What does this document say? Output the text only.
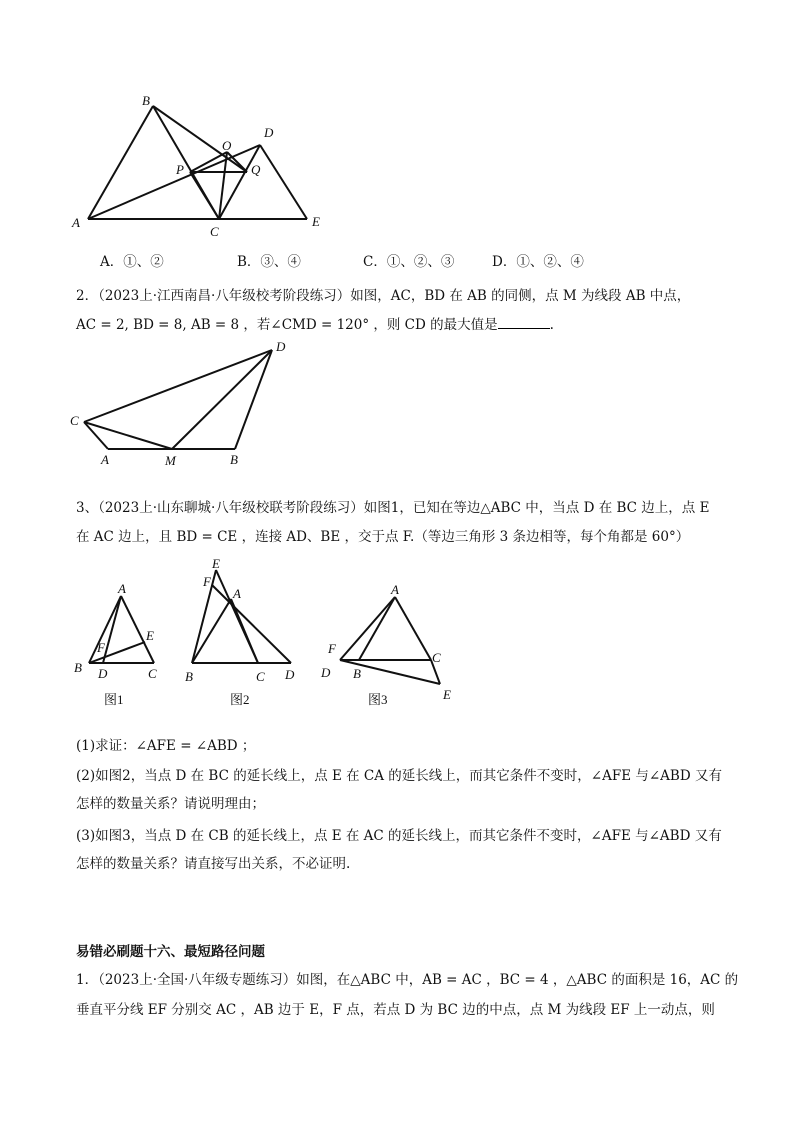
B
O
D
P	Q
A
C
E
A．①、②	B．③、④	C．①、②、③	D．①、②、④
2．（2023上·江西南昌·八年级校考阶段练习）如图，AC，BD 在 AB 的同侧，点 M 为线段 AB 中点，
AC = 2, BD = 8, AB = 8 ，若∠CMD = 120° ，则 CD 的最大值是	.
D
C
A	M	B
3、（2023上·山东聊城·八年级校联考阶段练习）如图1，已知在等边△ABC 中，当点 D 在 BC 边上，点 E
在 AC 边上，且 BD = CE ，连接 AD、BE ，交于点 F.（等边三角形 3 条边相等，每个角都是 60°）
A
E
F
B D	C
E
F
A
B	C D
A
F
C
D B
E
图1	图2	图3
(1)求证：∠AFE = ∠ABD ；
(2)如图2，当点 D 在 BC 的延长线上，点 E 在 CA 的延长线上，而其它条件不变时，∠AFE 与∠ABD 又有
怎样的数量关系？请说明理由；
(3)如图3，当点 D 在 CB 的延长线上，点 E 在 AC 的延长线上，而其它条件不变时，∠AFE 与∠ABD 又有
怎样的数量关系？请直接写出关系，不必证明.
易错必刷题十六、最短路径问题
1．（2023上·全国·八年级专题练习）如图，在△ABC 中，AB = AC ，BC = 4 ，△ABC 的面积是 16，AC 的
垂直平分线 EF 分别交 AC ，AB 边于 E，F 点，若点 D 为 BC 边的中点，点 M 为线段 EF 上一动点，则
